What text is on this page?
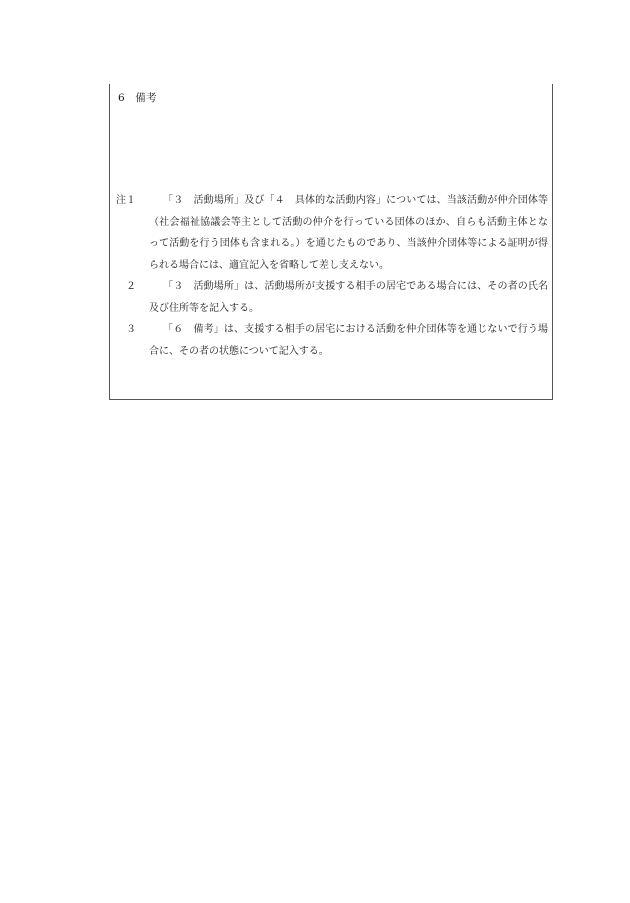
6 備考
注１	「３　活動場所」及び「４　具体的な活動内容」については、当該活動が仲介団体等（社会福祉協議会等主として活動の仲介を行っている団体のほか、自らも活動主体となって活動を行う団体も含まれる。）を通じたものであり、当該仲介団体等による証明が得られる場合には、適宜記入を省略して差し支えない。
２	「３　活動場所」は、活動場所が支援する相手の居宅である場合には、その者の氏名及び住所等を記入する。
３	「６　備考」は、支援する相手の居宅における活動を仲介団体等を通じないで行う場合に、その者の状態について記入する。
